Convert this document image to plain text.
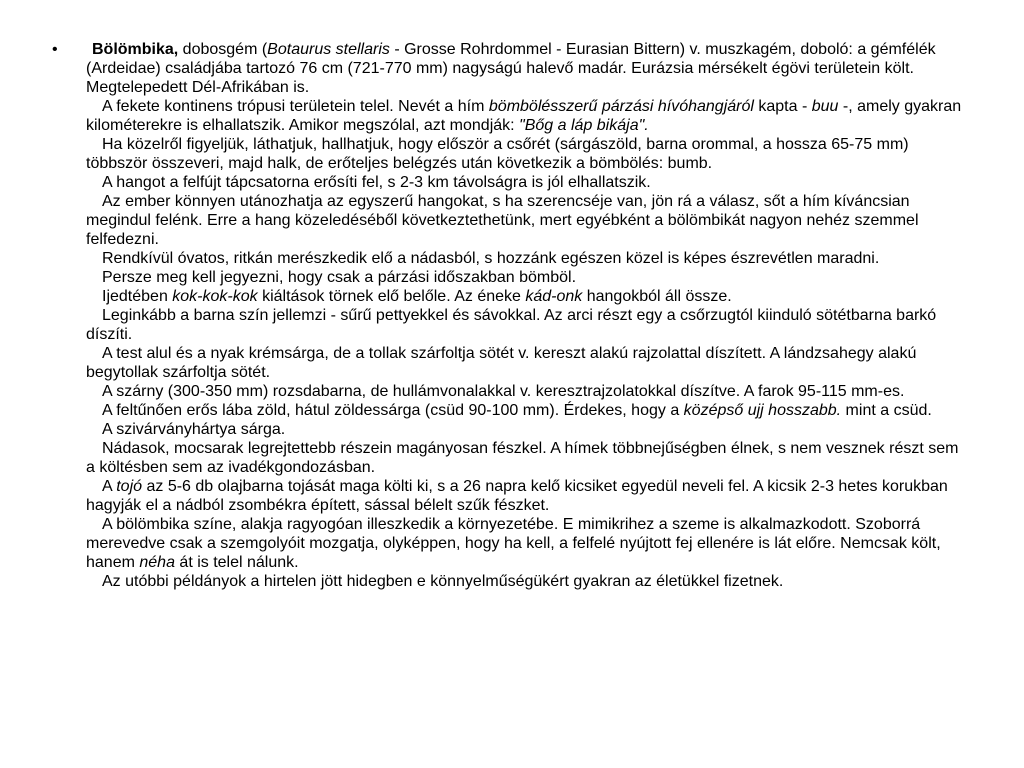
•	Bölömbika, dobosgém (Botaurus stellaris - Grosse Rohrdommel - Eurasian Bittern) v. muszkagém, doboló: a gémfélék (Ardeidae) családjába tartozó 76 cm (721-770 mm) nagyságú halevő madár. Eurázsia mérsékelt égövi területein költ. Megtelepedett Dél-Afrikában is.

A fekete kontinens trópusi területein telel. Nevét a hím bömbölésszerű párzási hívóhangjáról kapta - buu -, amely gyakran kilométerekre is elhallatszik. Amikor megszólal, azt mondják: "Bőg a láp bikája".

Ha közelről figyeljük, láthatjuk, hallhatjuk, hogy először a csőrét (sárgászöld, barna orommal, a hossza 65-75 mm) többször összeveri, majd halk, de erőteljes belégzés után következik a bömbölés: bumb.

A hangot a felfújt tápcsatorna erősíti fel, s 2-3 km távolságra is jól elhallatszik.

Az ember könnyen utánozhatja az egyszerű hangokat, s ha szerencséje van, jön rá a válasz, sőt a hím kíváncsian megindul felénk. Erre a hang közeledéséből következtethetünk, mert egyébként a bölömbikát nagyon nehéz szemmel felfedezni.

Rendkívül óvatos, ritkán merészkedik elő a nádasból, s hozzánk egészen közel is képes észrevétlen maradni.

Persze meg kell jegyezni, hogy csak a párzási időszakban bömböl.

Ijedtében kok-kok-kok kiáltások törnek elő belőle. Az éneke kád-onk hangokból áll össze.

Leginkább a barna szín jellemzi - sűrű pettyekkel és sávokkal. Az arci részt egy a csőrzugtól kiinduló sötétbarna barkó díszíti.

A test alul és a nyak krémsárga, de a tollak szárfoltja sötét v. kereszt alakú rajzolattal díszített. A lándzsahegy alakú begytollak szárfoltja sötét.

A szárny (300-350 mm) rozsdabarna, de hullámvonalakkal v. keresztrajzolatokkal díszítve. A farok 95-115 mm-es.

A feltűnően erős lába zöld, hátul zöldessárga (csüd 90-100 mm). Érdekes, hogy a középső ujj hosszabb. mint a csüd.

A szivárványhártya sárga.

Nádasok, mocsarak legrejtettebb részein magányosan fészkel. A hímek többnejűségben élnek, s nem vesznek részt sem a költésben sem az ivadékgondozásban.

A tojó az 5-6 db olajbarna tojását maga költi ki, s a 26 napra kelő kicsiket egyedül neveli fel. A kicsik 2-3 hetes korukban hagyják el a nádból zsombékra épített, sással bélelt szűk fészket.

A bölömbika színe, alakja ragyogóan illeszkedik a környezetébe. E mimikrihez a szeme is alkalmazkodott. Szoborrá merevedve csak a szemgolyóit mozgatja, olyképpen, hogy ha kell, a felfelé nyújtott fej ellenére is lát előre. Nemcsak költ, hanem néha át is telel nálunk.

Az utóbbi példányok a hirtelen jött hidegben e könnyelműségükért gyakran az életükkel fizetnek.
